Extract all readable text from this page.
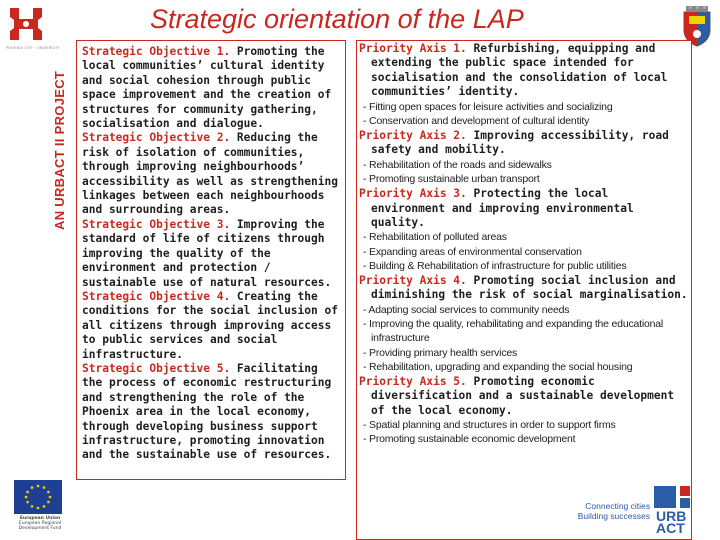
PHOENIX CITY · UNIVERSITY
AN URBACT II PROJECT
European Union
European Regional Development Fund
Strategic orientation of the LAP
Strategic Objective 1. Promoting the local communities’ cultural identity and social cohesion through public space improvement and the creation of structures for community gathering, socialisation and dialogue.
Strategic Objective 2. Reducing the risk of isolation of communities, through improving neighbourhoods’ accessibility as well as strengthening linkages between each neighbourhoods and surrounding areas.
Strategic Objective 3. Improving the standard of life of citizens through improving the quality of the environment and protection / sustainable use of natural resources.
Strategic Objective 4. Creating the conditions for the social inclusion of all citizens through improving access to public services and social infrastructure.
Strategic Objective 5. Facilitating the process of economic restructuring and strengthening the role of the Phoenix area in the local economy, through developing business support infrastructure, promoting innovation and the sustainable use of resources.
Priority Axis 1. Refurbishing, equipping and extending the public space intended for socialisation and the consolidation of local communities’ identity.
- Fitting open spaces for leisure activities and socializing
- Conservation and development of cultural identity
Priority Axis 2. Improving accessibility, road safety and mobility.
- Rehabilitation of the roads and sidewalks
- Promoting sustainable urban transport
Priority Axis 3. Protecting the local environment and improving environmental quality.
- Rehabilitation of polluted areas
- Expanding areas of environmental conservation
- Building & Rehabilitation of infrastructure for public utilities
Priority Axis 4. Promoting social inclusion and diminishing the risk of social marginalisation.
- Adapting social services to community needs
- Improving the quality, rehabilitating and expanding the educational infrastructure
- Providing primary health services
- Rehabilitation, upgrading and expanding the social housing
Priority Axis 5. Promoting economic diversification and a sustainable development of the local economy.
- Spatial planning and structures in order to support firms
- Promoting sustainable economic development
Connecting cities
Building successes URB
ACT
